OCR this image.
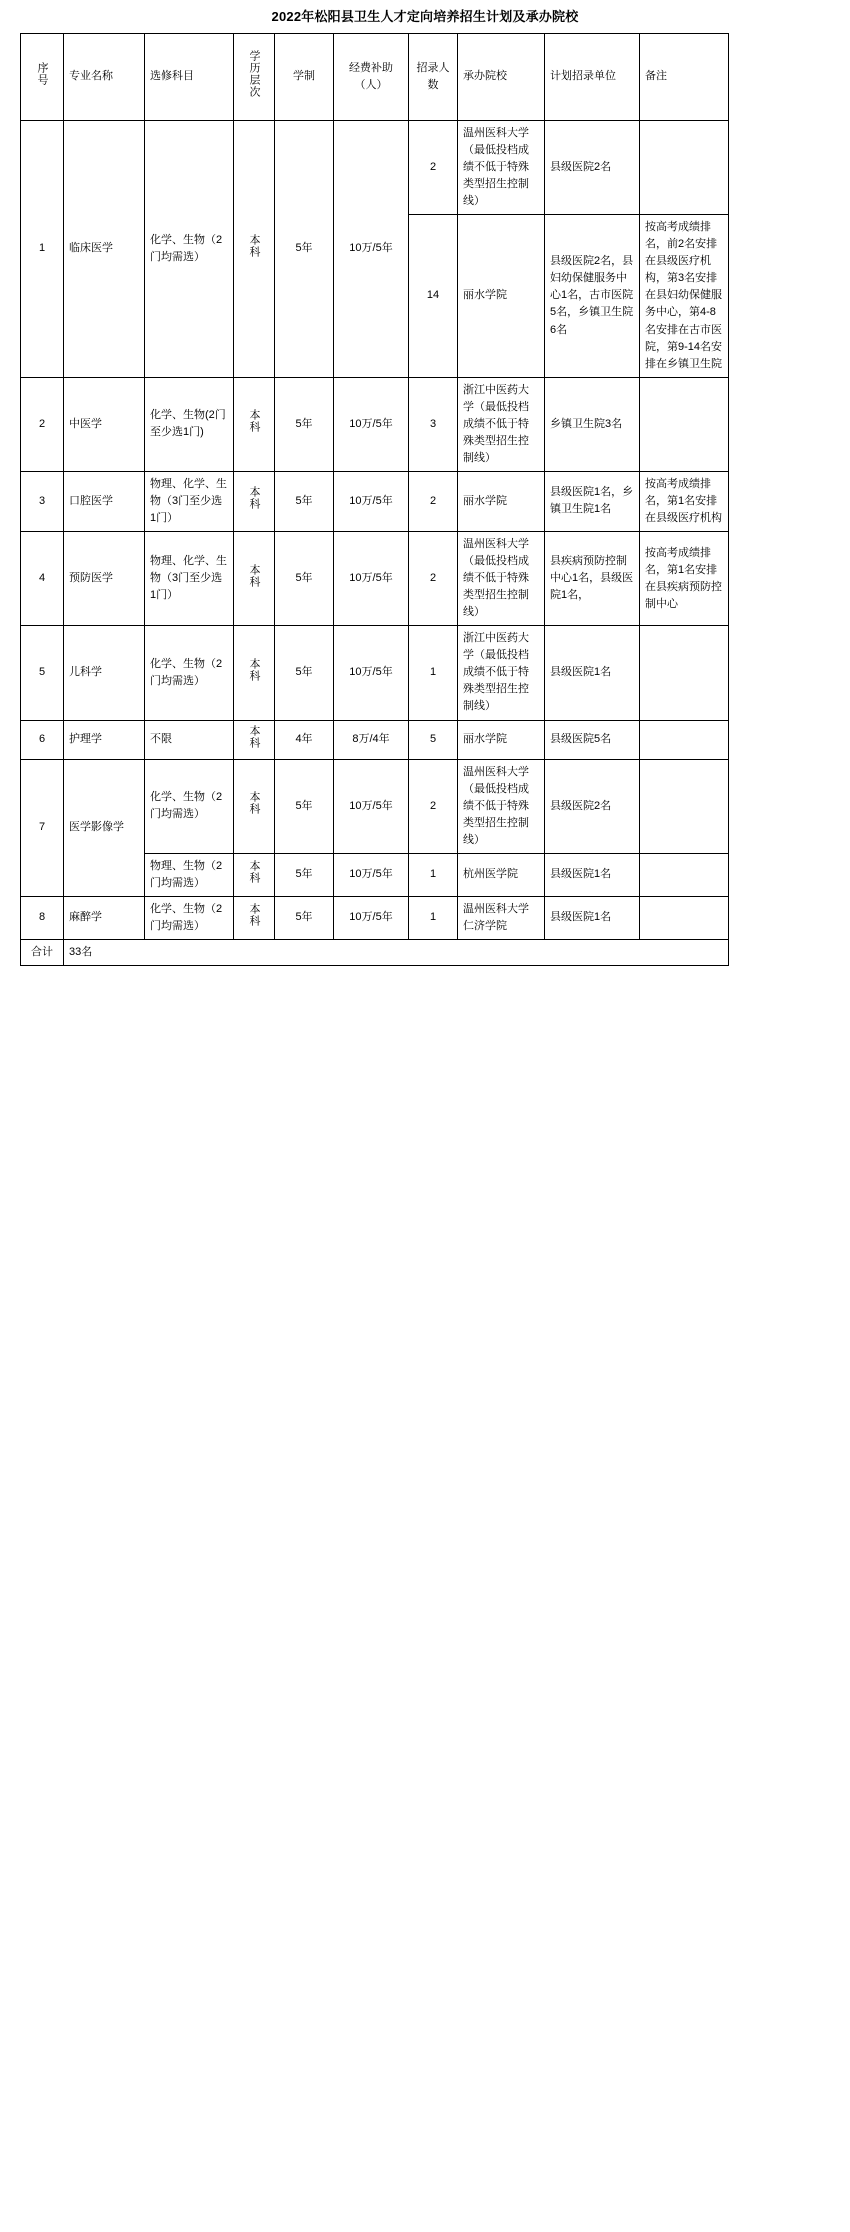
2022年松阳县卫生人才定向培养招生计划及承办院校
序号	专业名称	选修科目	学历层次	学制	经费补助（人）	招录人数	承办院校	计划招录单位	备注
1	临床医学	化学、生物（2门均需选）	本科	5年	10万/5年	2	温州医科大学（最低投档成绩不低于特殊类型招生控制线）	县级医院2名	
						14	丽水学院	县级医院2名，县妇幼保健服务中心1名，古市医院5名，乡镇卫生院6名	按高考成绩排名，前2名安排在县级医疗机构，第3名安排在县妇幼保健服务中心，第4-8名安排在古市医院，第9-14名安排在乡镇卫生院
2	中医学	化学、生物(2门至少选1门)	本科	5年	10万/5年	3	浙江中医药大学（最低投档成绩不低于特殊类型招生控制线）	乡镇卫生院3名	
3	口腔医学	物理、化学、生物（3门至少选1门）	本科	5年	10万/5年	2	丽水学院	县级医院1名，乡镇卫生院1名	按高考成绩排名，第1名安排在县级医疗机构
4	预防医学	物理、化学、生物（3门至少选1门）	本科	5年	10万/5年	2	温州医科大学（最低投档成绩不低于特殊类型招生控制线）	县疾病预防控制中心1名，县级医院1名，	按高考成绩排名，第1名安排在县疾病预防控制中心
5	儿科学	化学、生物（2门均需选）	本科	5年	10万/5年	1	浙江中医药大学（最低投档成绩不低于特殊类型招生控制线）	县级医院1名	
6	护理学	不限	本科	4年	8万/4年	5	丽水学院	县级医院5名	
7	医学影像学	化学、生物（2门均需选）	本科	5年	10万/5年	2	温州医科大学（最低投档成绩不低于特殊类型招生控制线）	县级医院2名	
		物理、生物（2门均需选）	本科	5年	10万/5年	1	杭州医学院	县级医院1名	
8	麻醉学	化学、生物（2门均需选）	本科	5年	10万/5年	1	温州医科大学仁济学院	县级医院1名	
合计	33名								
